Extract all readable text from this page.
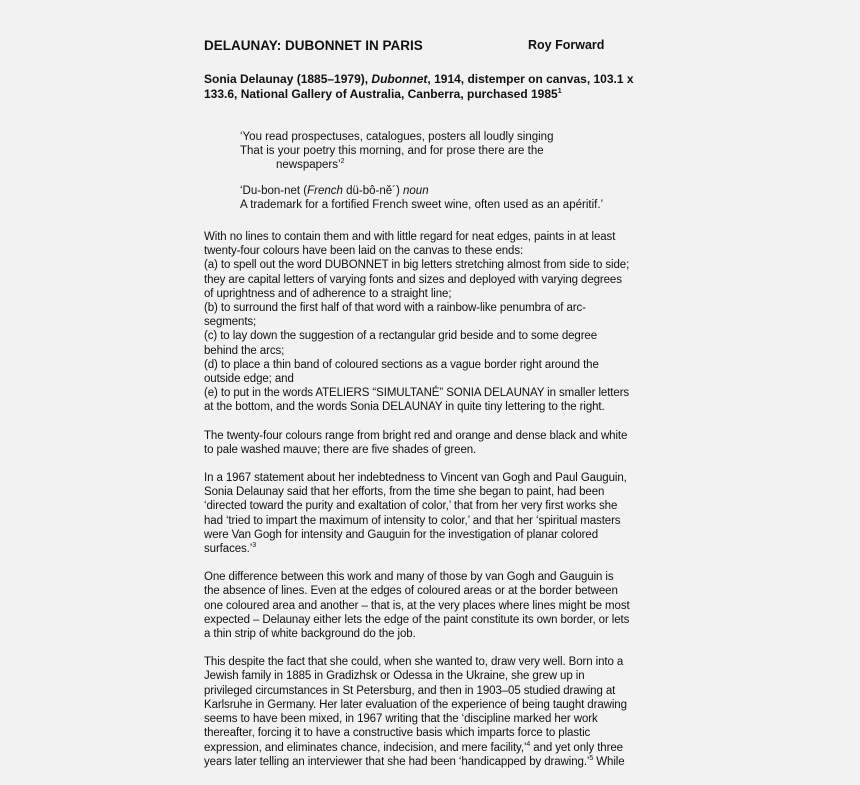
DELAUNAY: DUBONNET IN PARIS	Roy Forward
Sonia Delaunay (1885–1979), Dubonnet, 1914, distemper on canvas, 103.1 x
133.6, National Gallery of Australia, Canberra, purchased 1985$^1$
‘You read prospectuses, catalogues, posters all loudly singing
That is your poetry this morning, and for prose there are the
newspapers’$^2$
‘Du-bon-net (French dü-bô-ně´) noun
A trademark for a fortified French sweet wine, often used as an apéritif.’

With no lines to contain them and with little regard for neat edges, paints in at least
twenty-four colours have been laid on the canvas to these ends:
(a) to spell out the word DUBONNET in big letters stretching almost from side to side;
they are capital letters of varying fonts and sizes and deployed with varying degrees
of uprightness and of adherence to a straight line;
(b) to surround the first half of that word with a rainbow-like penumbra of arc-
segments;
(c) to lay down the suggestion of a rectangular grid beside and to some degree
behind the arcs;
(d) to place a thin band of coloured sections as a vague border right around the
outside edge; and
(e) to put in the words ATELIERS “SIMULTANÉ” SONIA DELAUNAY in smaller letters
at the bottom, and the words Sonia DELAUNAY in quite tiny lettering to the right.

The twenty-four colours range from bright red and orange and dense black and white
to pale washed mauve; there are five shades of green.

In a 1967 statement about her indebtedness to Vincent van Gogh and Paul Gauguin,
Sonia Delaunay said that her efforts, from the time she began to paint, had been
‘directed toward the purity and exaltation of color,’ that from her very first works she
had ‘tried to impart the maximum of intensity to color,’ and that her ‘spiritual masters
were Van Gogh for intensity and Gauguin for the investigation of planar colored
surfaces.’$^3$

One difference between this work and many of those by van Gogh and Gauguin is
the absence of lines. Even at the edges of coloured areas or at the border between
one coloured area and another – that is, at the very places where lines might be most
expected – Delaunay either lets the edge of the paint constitute its own border, or lets
a thin strip of white background do the job.

This despite the fact that she could, when she wanted to, draw very well. Born into a
Jewish family in 1885 in Gradizhsk or Odessa in the Ukraine, she grew up in
privileged circumstances in St Petersburg, and then in 1903–05 studied drawing at
Karlsruhe in Germany. Her later evaluation of the experience of being taught drawing
seems to have been mixed, in 1967 writing that the ‘discipline marked her work
thereafter, forcing it to have a constructive basis which imparts force to plastic
expression, and eliminates chance, indecision, and mere facility,’$^4$ and yet only three
years later telling an interviewer that she had been ‘handicapped by drawing.’$^5$ While
